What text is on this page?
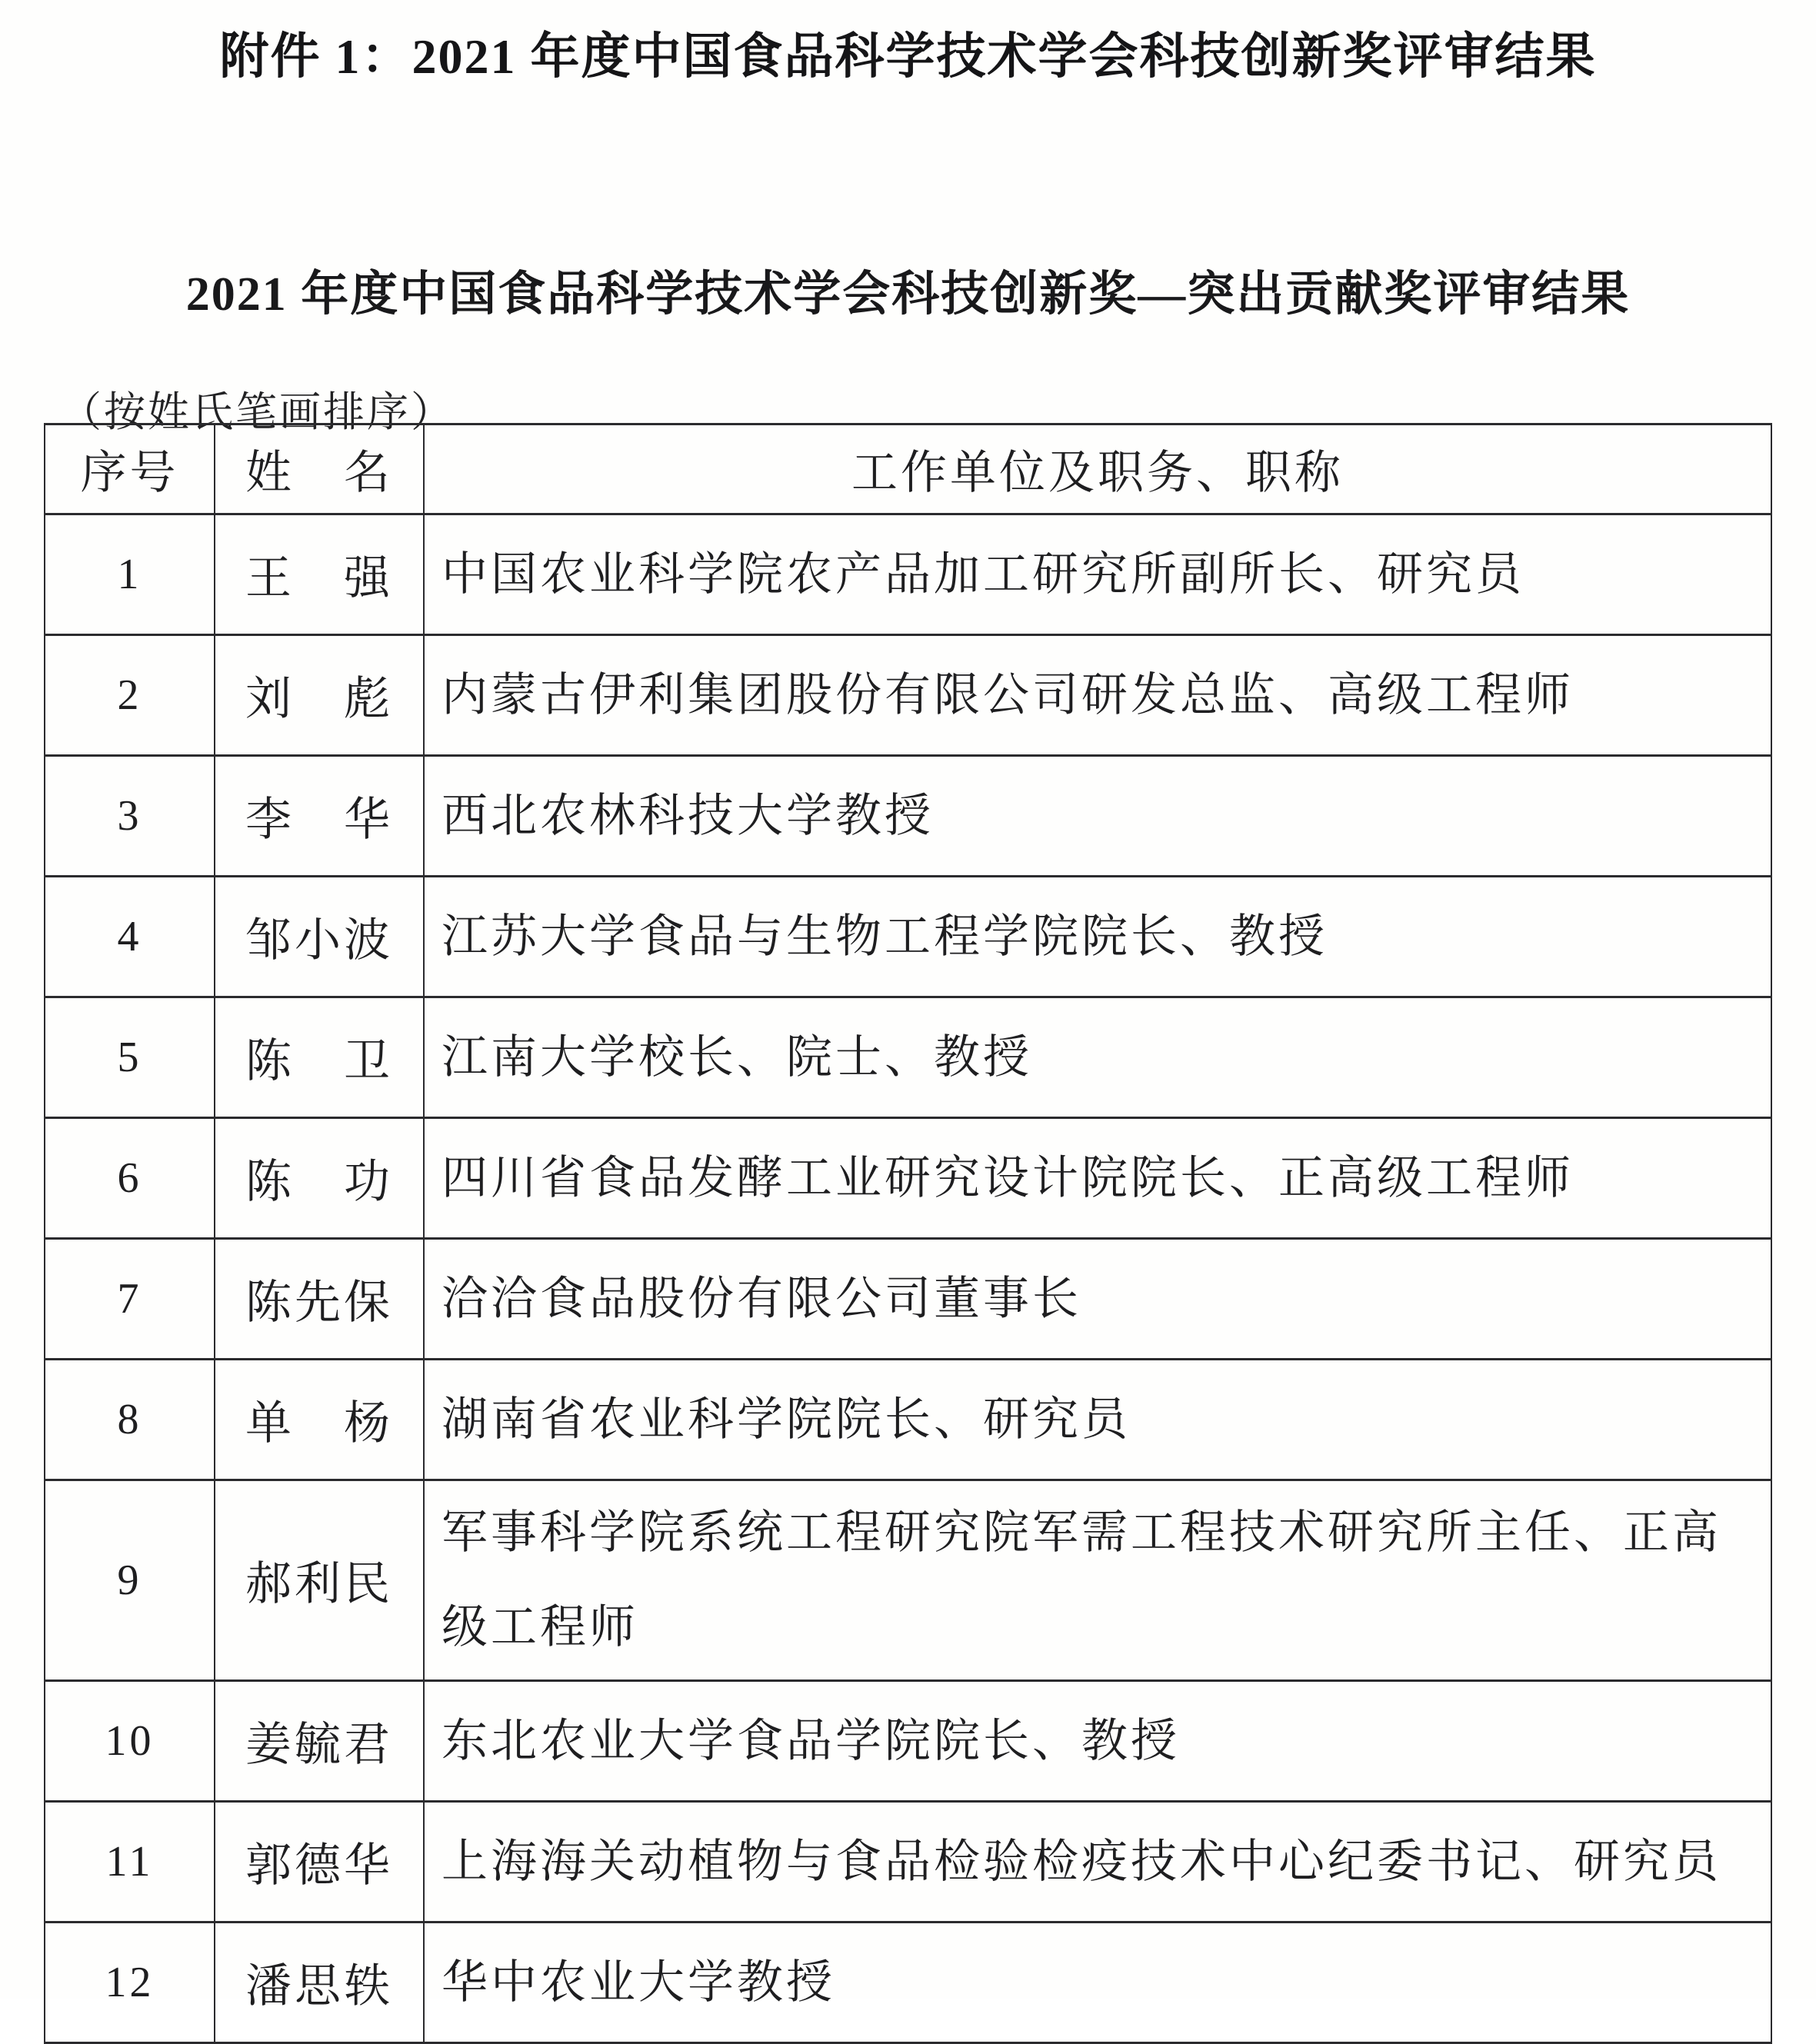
附件 1：2021 年度中国食品科学技术学会科技创新奖评审结果
2021 年度中国食品科学技术学会科技创新奖—突出贡献奖评审结果
（按姓氏笔画排序）
序号	姓　名	工作单位及职务、职称
1	王　强	中国农业科学院农产品加工研究所副所长、研究员
2	刘　彪	内蒙古伊利集团股份有限公司研发总监、高级工程师
3	李　华	西北农林科技大学教授
4	邹小波	江苏大学食品与生物工程学院院长、教授
5	陈　卫	江南大学校长、院士、教授
6	陈　功	四川省食品发酵工业研究设计院院长、正高级工程师
7	陈先保	洽洽食品股份有限公司董事长
8	单　杨	湖南省农业科学院院长、研究员
9	郝利民	军事科学院系统工程研究院军需工程技术研究所主任、正高级工程师
10	姜毓君	东北农业大学食品学院院长、教授
11	郭德华	上海海关动植物与食品检验检疫技术中心纪委书记、研究员
12	潘思轶	华中农业大学教授
